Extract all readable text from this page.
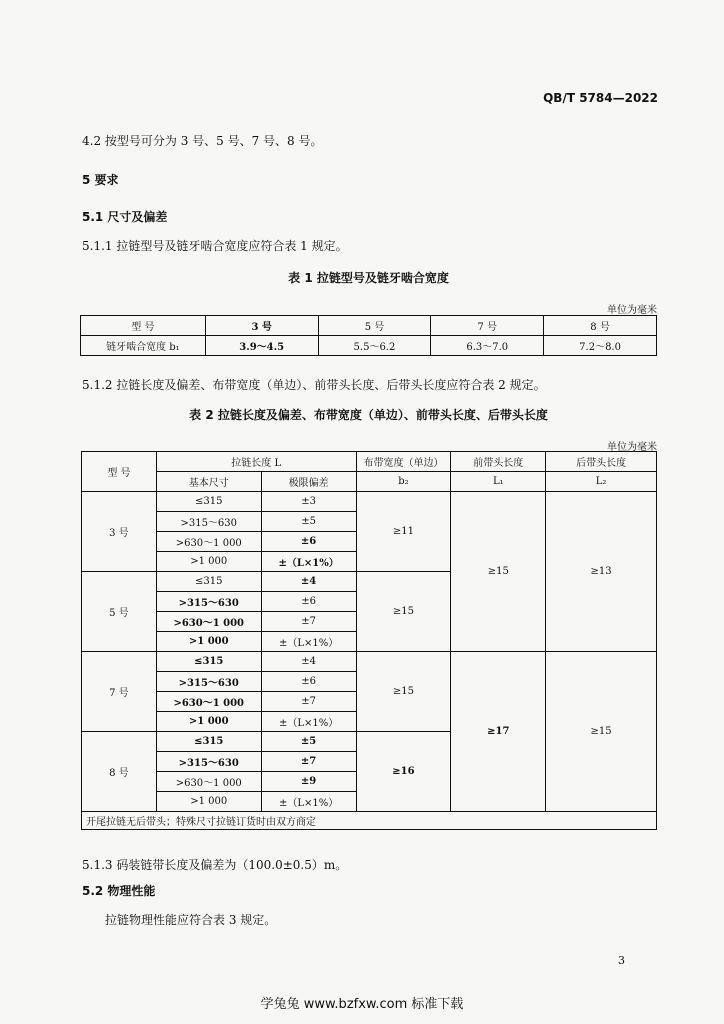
QB/T 5784—2022
4.2 按型号可分为 3 号、5 号、7 号、8 号。
5 要求
5.1 尺寸及偏差
5.1.1 拉链型号及链牙啮合宽度应符合表 1 规定。
表 1 拉链型号及链牙啮合宽度
单位为毫米
型 号	3 号	5 号	7 号	8 号
链牙啮合宽度 b₁	3.9～4.5	5.5～6.2	6.3～7.0	7.2～8.0
5.1.2 拉链长度及偏差、布带宽度（单边）、前带头长度、后带头长度应符合表 2 规定。
表 2 拉链长度及偏差、布带宽度（单边）、前带头长度、后带头长度
单位为毫米
型 号	拉链长度 L		布带宽度（单边）	前带头长度	后带头长度
	基本尺寸	极限偏差	b₂	L₁	L₂
3 号	≤315	±3	≥11	≥15	≥13
	>315～630	±5			
	>630～1 000	±6			
	>1 000	±（L×1%）			
5 号	≤315	±4	≥15		
	>315～630	±6			
	>630～1 000	±7			
	>1 000	±（L×1%）			
7 号	≤315	±4	≥15	≥17	≥15
	>315～630	±6			
	>630～1 000	±7			
	>1 000	±（L×1%）			
8 号	≤315	±5	≥16		
	>315～630	±7			
	>630～1 000	±9			
	>1 000	±（L×1%）			
开尾拉链无后带头；特殊尺寸拉链订货时由双方商定					
5.1.3 码装链带长度及偏差为（100.0±0.5）m。
5.2 物理性能
拉链物理性能应符合表 3 规定。
3
学兔兔 www.bzfxw.com 标准下载
